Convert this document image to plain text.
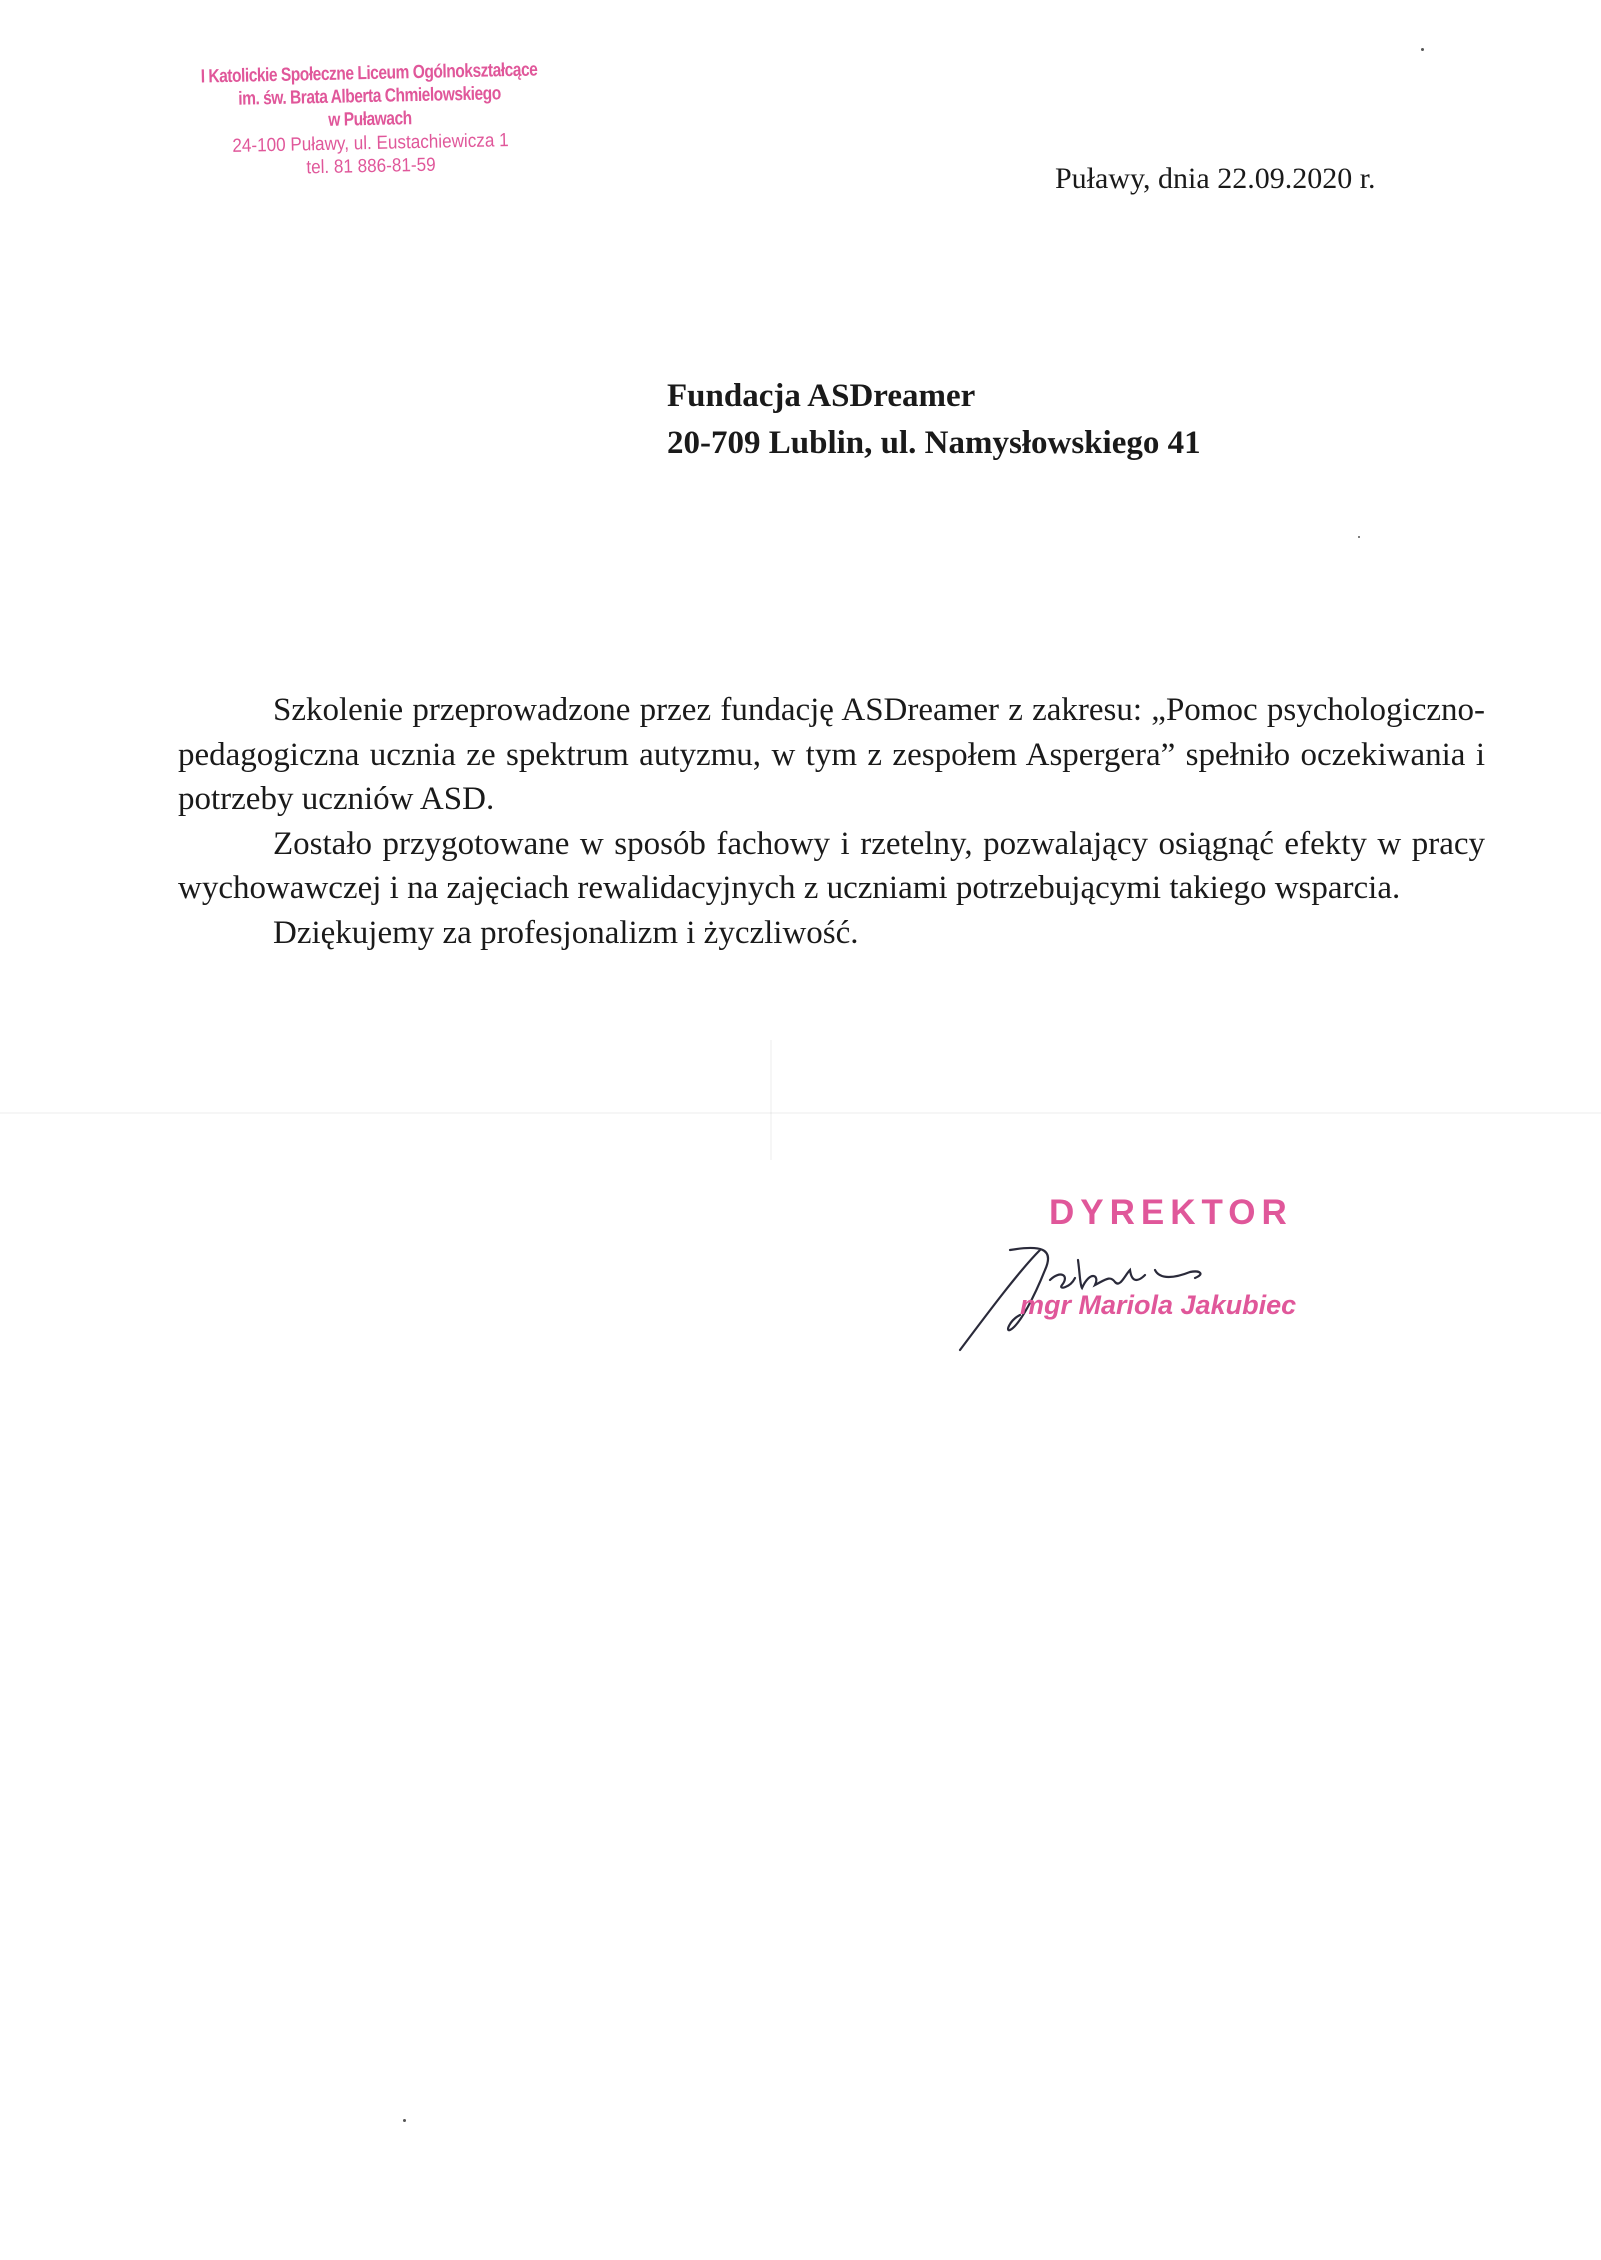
I Katolickie Społeczne Liceum Ogólnokształcące
im. św. Brata Alberta Chmielowskiego
w Puławach
24-100 Puławy, ul. Eustachiewicza 1
tel. 81 886-81-59	Puławy, dnia 22.09.2020 r.
Fundacja ASDreamer
20-709 Lublin, ul. Namysłowskiego 41

Szkolenie przeprowadzone przez fundację ASDreamer z zakresu: „Pomoc psychologiczno-pedagogiczna ucznia ze spektrum autyzmu, w tym z zespołem Aspergera” spełniło oczekiwania i potrzeby uczniów ASD.

Zostało przygotowane w sposób fachowy i rzetelny, pozwalający osiągnąć efekty w pracy wychowawczej i na zajęciach rewalidacyjnych z uczniami potrzebującymi takiego wsparcia.

Dziękujemy za profesjonalizm i życzliwość.

DYREKTOR
mgr Mariola Jakubiec
